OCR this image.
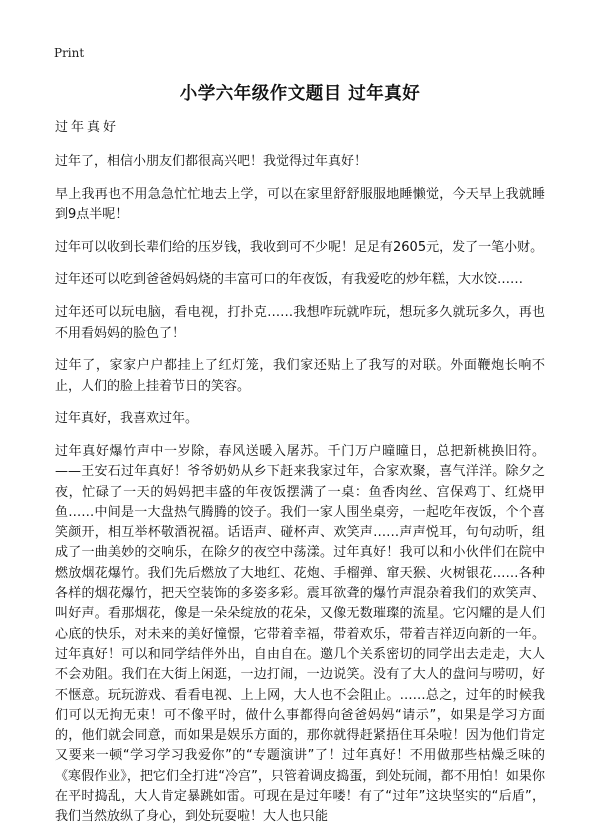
Print
小学六年级作文题目 过年真好

过年真好

过年了，相信小朋友们都很高兴吧！我觉得过年真好！

早上我再也不用急急忙忙地去上学，可以在家里舒舒服服地睡懒觉，今天早上我就睡到9点半呢！

过年可以收到长辈们给的压岁钱，我收到可不少呢！足足有2605元，发了一笔小财。

过年还可以吃到爸爸妈妈烧的丰富可口的年夜饭，有我爱吃的炒年糕，大水饺……

过年还可以玩电脑，看电视，打扑克……我想咋玩就咋玩，想玩多久就玩多久，再也不用看妈妈的脸色了！

过年了，家家户户都挂上了红灯笼，我们家还贴上了我写的对联。外面鞭炮长响不止，人们的脸上挂着节日的笑容。

过年真好，我喜欢过年。

过年真好爆竹声中一岁除，春风送暖入屠苏。千门万户曈曈日，总把新桃换旧符。——王安石过年真好！爷爷奶奶从乡下赶来我家过年，合家欢聚，喜气洋洋。除夕之夜，忙碌了一天的妈妈把丰盛的年夜饭摆满了一桌：鱼香肉丝、宫保鸡丁、红烧甲鱼……中间是一大盘热气腾腾的饺子。我们一家人围坐桌旁，一起吃年夜饭，个个喜笑颜开，相互举杯敬酒祝福。话语声、碰杯声、欢笑声……声声悦耳，句句动听，组成了一曲美妙的交响乐，在除夕的夜空中荡漾。过年真好！我可以和小伙伴们在院中燃放烟花爆竹。我们先后燃放了大地红、花炮、手榴弹、窜天猴、火树银花……各种各样的烟花爆竹，把天空装饰的多姿多彩。震耳欲聋的爆竹声混杂着我们的欢笑声、叫好声。看那烟花，像是一朵朵绽放的花朵，又像无数璀璨的流星。它闪耀的是人们心底的快乐，对未来的美好憧憬，它带着幸福，带着欢乐，带着吉祥迈向新的一年。过年真好！可以和同学结伴外出，自由自在。邀几个关系密切的同学出去走走，大人不会劝阻。我们在大街上闲逛，一边打闹，一边说笑。没有了大人的盘问与唠叨，好不惬意。玩玩游戏、看看电视、上上网，大人也不会阻止。……总之，过年的时候我们可以无拘无束！可不像平时，做什么事都得向爸爸妈妈“请示”，如果是学习方面的，他们就会同意，而如果是娱乐方面的，那你就得赶紧捂住耳朵啦！因为他们肯定又要来一顿“学习学习我爱你”的“专题演讲”了！过年真好！不用做那些枯燥乏味的《寒假作业》，把它们全打进“冷宫”，只管着调皮捣蛋，到处玩闹，都不用怕！如果你在平时捣乱，大人肯定暴跳如雷。可现在是过年喽！有了“过年”这块坚实的“后盾”，我们当然放纵了身心，到处玩耍啦！大人也只能
